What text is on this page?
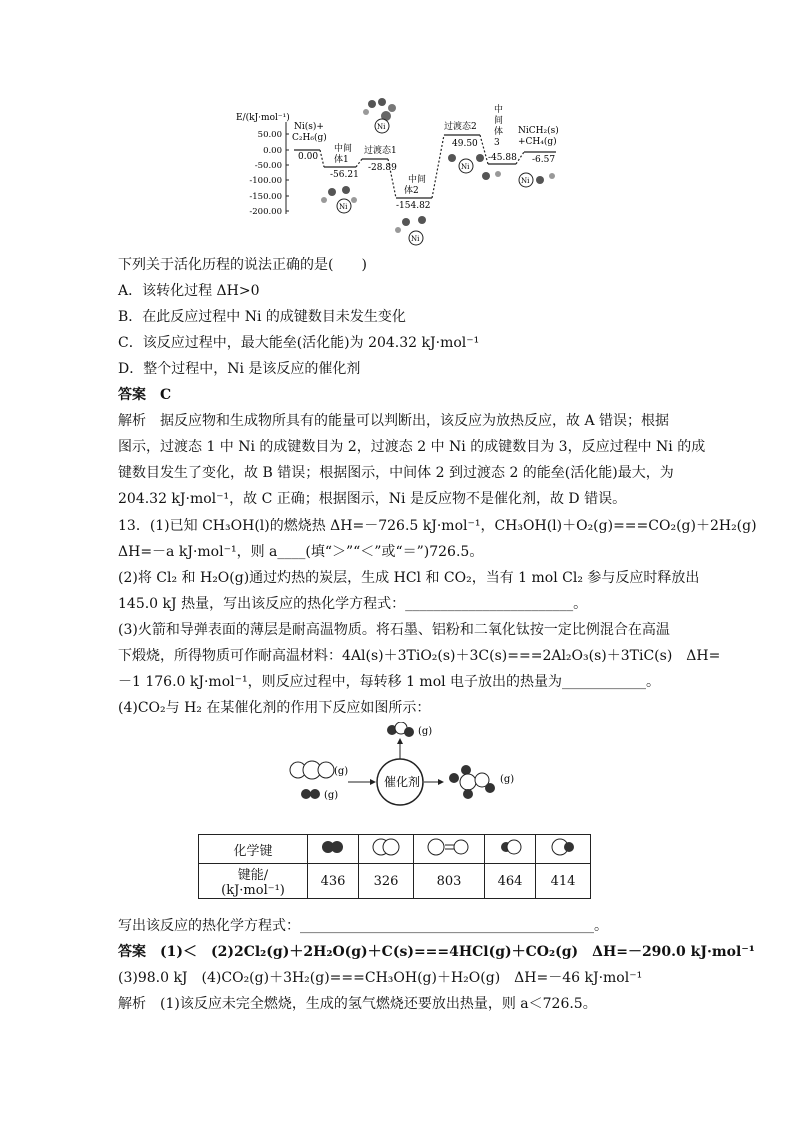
E/(kJ·mol⁻¹)
50.00
0.00
-50.00
-100.00
-150.00
-200.00
Ni(s)+
C₂H₆(g)
0.00
中间
体1
-56.21
过渡态1
-28.89
中间
体2
-154.82
过渡态2
49.50
中
间
体
3
-45.88
NiCH₂(s)
+CH₄(g)
-6.57
Ni
Ni
Ni
Ni
Ni
下列关于活化历程的说法正确的是(　　)
A．该转化过程 ΔH>0
B．在此反应过程中 Ni 的成键数目未发生变化
C．该反应过程中，最大能垒(活化能)为 204.32 kJ·mol⁻¹
D．整个过程中，Ni 是该反应的催化剂
答案　C
解析　据反应物和生成物所具有的能量可以判断出，该反应为放热反应，故 A 错误；根据
图示，过渡态 1 中 Ni 的成键数目为 2，过渡态 2 中 Ni 的成键数目为 3，反应过程中 Ni 的成
键数目发生了变化，故 B 错误；根据图示，中间体 2 到过渡态 2 的能垒(活化能)最大，为
204.32 kJ·mol⁻¹，故 C 正确；根据图示，Ni 是反应物不是催化剂，故 D 错误。
13．(1)已知 CH₃OH(l)的燃烧热 ΔH=－726.5 kJ·mol⁻¹，CH₃OH(l)＋O₂(g)===CO₂(g)＋2H₂(g)
ΔH=－a kJ·mol⁻¹，则 a____(填“＞”“＜”或“＝”)726.5。
(2)将 Cl₂ 和 H₂O(g)通过灼热的炭层，生成 HCl 和 CO₂，当有 1 mol Cl₂ 参与反应时释放出
145.0 kJ 热量，写出该反应的热化学方程式：________________________。
(3)火箭和导弹表面的薄层是耐高温物质。将石墨、铝粉和二氧化钛按一定比例混合在高温
下煅烧，所得物质可作耐高温材料：4Al(s)＋3TiO₂(s)＋3C(s)===2Al₂O₃(s)＋3TiC(s)　ΔH=
－1 176.0 kJ·mol⁻¹，则反应过程中，每转移 1 mol 电子放出的热量为____________。
(4)CO₂与 H₂ 在某催化剂的作用下反应如图所示：
(g)
(g)
催化剂
(g)
(g)
化学键					
键能/ (kJ·mol⁻¹)	436	326	803	464	414
写出该反应的热化学方程式：__________________________________________。
答案　(1)＜　(2)2Cl₂(g)＋2H₂O(g)＋C(s)===4HCl(g)＋CO₂(g)　ΔH=－290.0 kJ·mol⁻¹
(3)98.0 kJ　(4)CO₂(g)＋3H₂(g)===CH₃OH(g)＋H₂O(g)　ΔH=－46 kJ·mol⁻¹
解析　(1)该反应未完全燃烧，生成的氢气燃烧还要放出热量，则 a＜726.5。
